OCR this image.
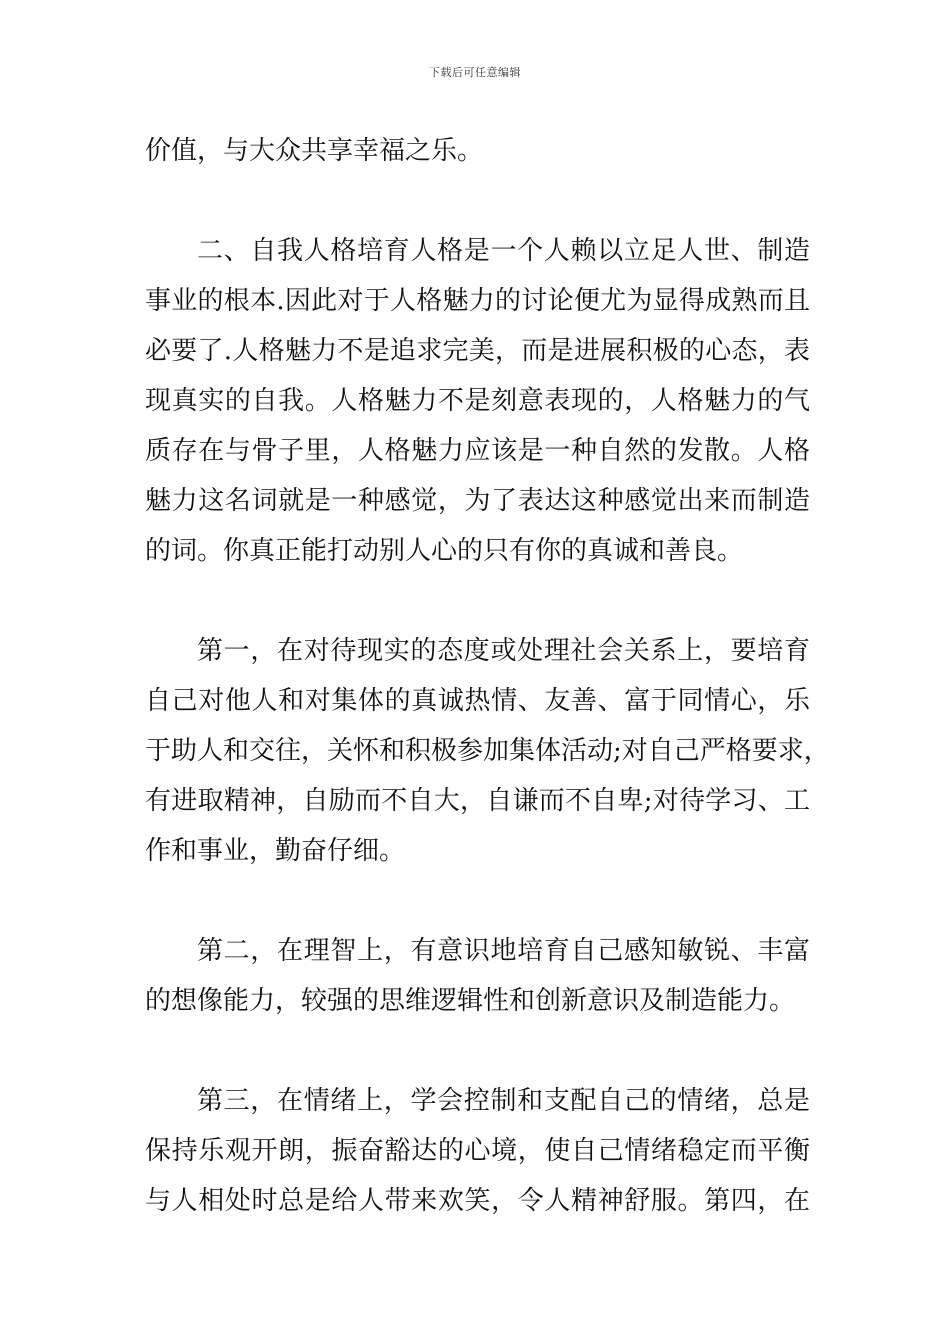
下载后可任意编辑
价值，与大众共享幸福之乐。
二、自我人格培育人格是一个人赖以立足人世、制造
事业的根本.因此对于人格魅力的讨论便尤为显得成熟而且
必要了.人格魅力不是追求完美，而是进展积极的心态，表
现真实的自我。人格魅力不是刻意表现的，人格魅力的气
质存在与骨子里，人格魅力应该是一种自然的发散。人格
魅力这名词就是一种感觉，为了表达这种感觉出来而制造
的词。你真正能打动别人心的只有你的真诚和善良。
第一，在对待现实的态度或处理社会关系上，要培育
自己对他人和对集体的真诚热情、友善、富于同情心，乐
于助人和交往，关怀和积极参加集体活动;对自己严格要求，
有进取精神，自励而不自大，自谦而不自卑;对待学习、工
作和事业，勤奋仔细。
第二，在理智上，有意识地培育自己感知敏锐、丰富
的想像能力，较强的思维逻辑性和创新意识及制造能力。
第三，在情绪上，学会控制和支配自己的情绪，总是
保持乐观开朗，振奋豁达的心境，使自己情绪稳定而平衡
与人相处时总是给人带来欢笑，令人精神舒服。第四，在
